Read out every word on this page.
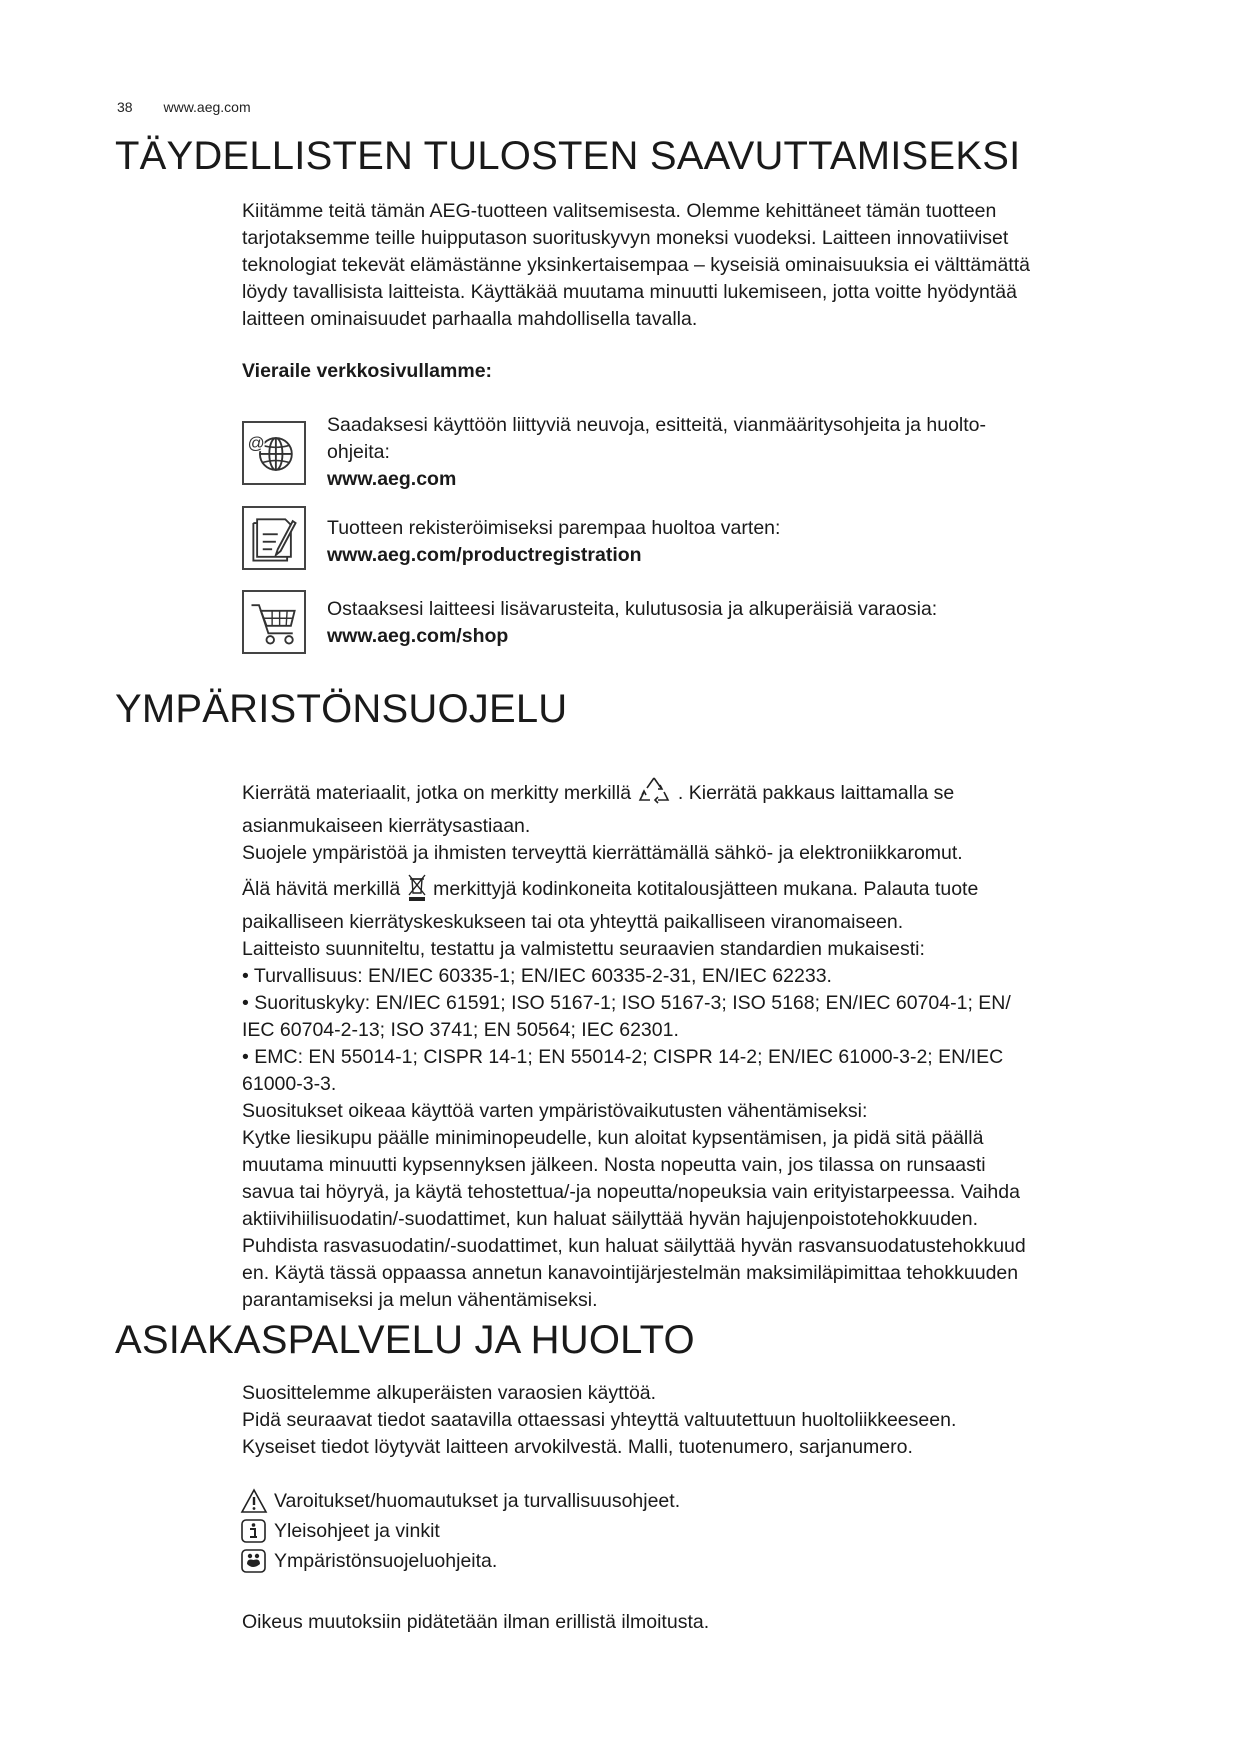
38 www.aeg.com
TÄYDELLISTEN TULOSTEN SAAVUTTAMISEKSI
Kiitämme teitä tämän AEG-tuotteen valitsemisesta. Olemme kehittäneet tämän tuotteen
tarjotaksemme teille huipputason suorituskyvyn moneksi vuodeksi. Laitteen innovatiiviset
teknologiat tekevät elämästänne yksinkertaisempaa – kyseisiä ominaisuuksia ei välttämättä
löydy tavallisista laitteista. Käyttäkää muutama minuutti lukemiseen, jotta voitte hyödyntää
laitteen ominaisuudet parhaalla mahdollisella tavalla.
Vieraile verkkosivullamme:
@
Saadaksesi käyttöön liittyviä neuvoja, esitteitä, vianmääritysohjeita ja huolto-
ohjeita:
www.aeg.com
Tuotteen rekisteröimiseksi parempaa huoltoa varten:
www.aeg.com/productregistration
Ostaaksesi laitteesi lisävarusteita, kulutusosia ja alkuperäisiä varaosia:
www.aeg.com/shop
YMPÄRISTÖNSUOJELU
Kierrätä materiaalit, jotka on merkitty merkillä . Kierrätä pakkaus laittamalla se
asianmukaiseen kierrätysastiaan.
Suojele ympäristöä ja ihmisten terveyttä kierrättämällä sähkö- ja elektroniikkaromut.
Älä hävitä merkillä merkittyjä kodinkoneita kotitalousjätteen mukana. Palauta tuote
paikalliseen kierrätyskeskukseen tai ota yhteyttä paikalliseen viranomaiseen.
Laitteisto suunniteltu, testattu ja valmistettu seuraavien standardien mukaisesti:
• Turvallisuus: EN/IEC 60335-1; EN/IEC 60335-2-31, EN/IEC 62233.
• Suorituskyky: EN/IEC 61591; ISO 5167-1; ISO 5167-3; ISO 5168; EN/IEC 60704-1; EN/
IEC 60704-2-13; ISO 3741; EN 50564; IEC 62301.
• EMC: EN 55014-1; CISPR 14-1; EN 55014-2; CISPR 14-2; EN/IEC 61000-3-2; EN/IEC
61000-3-3.
Suositukset oikeaa käyttöä varten ympäristövaikutusten vähentämiseksi:
Kytke liesikupu päälle miniminopeudelle, kun aloitat kypsentämisen, ja pidä sitä päällä
muutama minuutti kypsennyksen jälkeen. Nosta nopeutta vain, jos tilassa on runsaasti
savua tai höyryä, ja käytä tehostettua/-ja nopeutta/nopeuksia vain erityistarpeessa. Vaihda
aktiivihiilisuodatin/-suodattimet, kun haluat säilyttää hyvän hajujenpoistotehokkuuden.
Puhdista rasvasuodatin/-suodattimet, kun haluat säilyttää hyvän rasvansuodatustehokkuud
en. Käytä tässä oppaassa annetun kanavointijärjestelmän maksimiläpimittaa tehokkuuden
parantamiseksi ja melun vähentämiseksi.
ASIAKASPALVELU JA HUOLTO
Suosittelemme alkuperäisten varaosien käyttöä.
Pidä seuraavat tiedot saatavilla ottaessasi yhteyttä valtuutettuun huoltoliikkeeseen.
Kyseiset tiedot löytyvät laitteen arvokilvestä. Malli, tuotenumero, sarjanumero.
Varoitukset/huomautukset ja turvallisuusohjeet.
Yleisohjeet ja vinkit
Ympäristönsuojeluohjeita.
Oikeus muutoksiin pidätetään ilman erillistä ilmoitusta.
